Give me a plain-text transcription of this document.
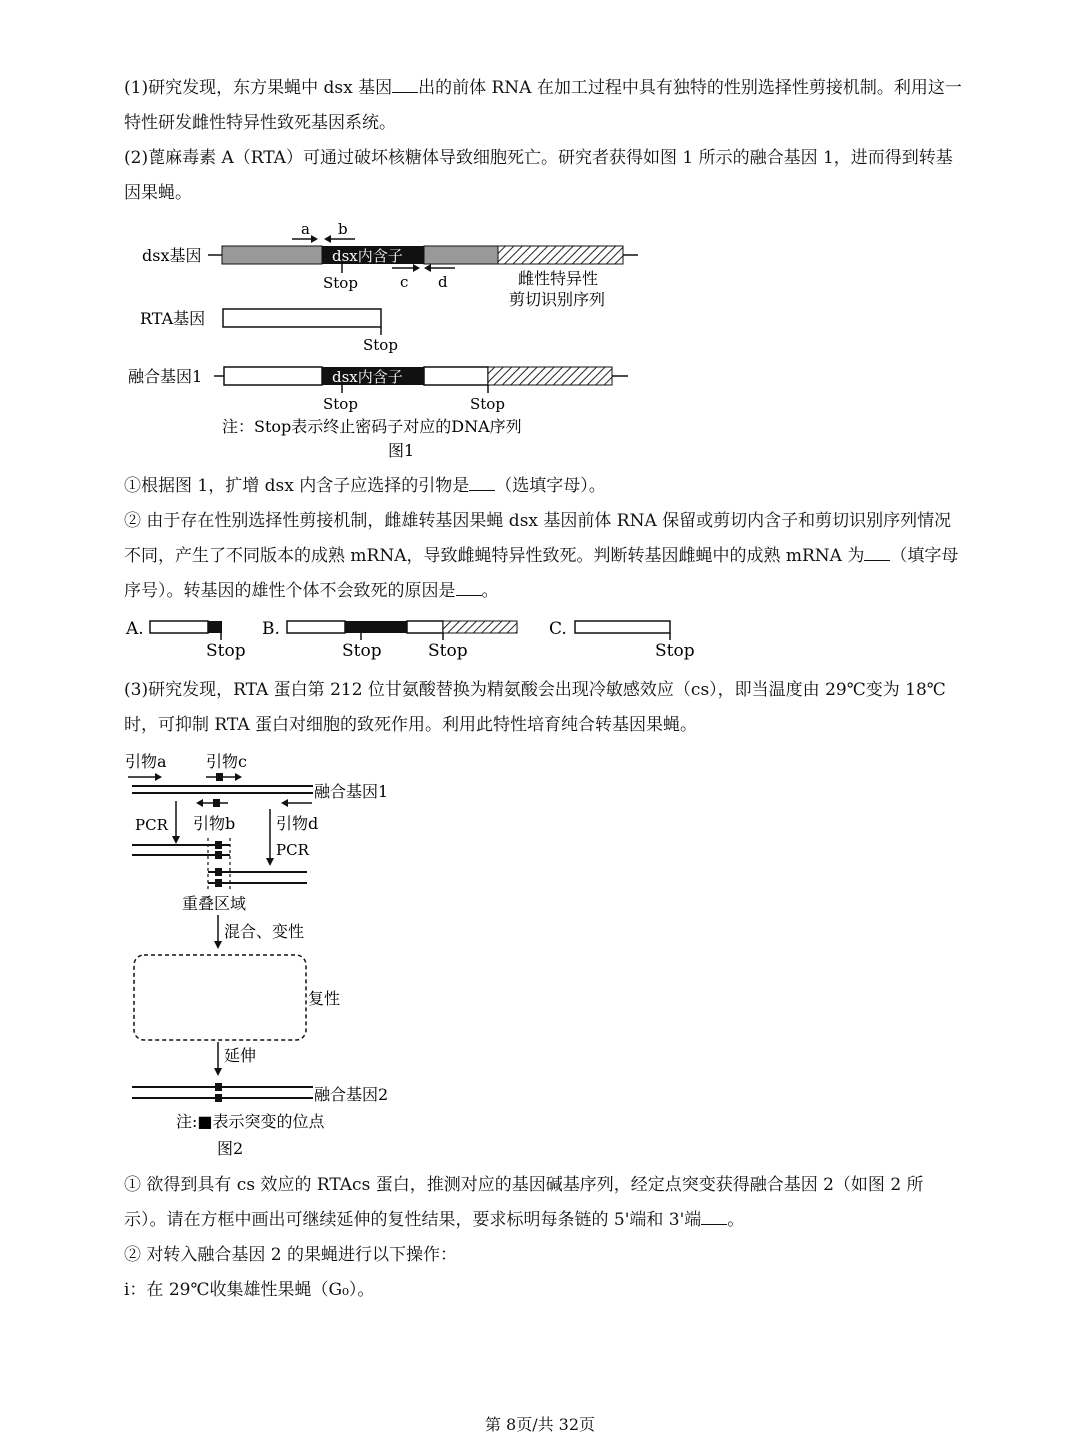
(1)研究发现，东方果蝇中 dsx 基因 出的前体 RNA 在加工过程中具有独特的性别选择性剪接机制。利用这一特性研发雌性特异性致死基因系统。

(2)蓖麻毒素 A（RTA）可通过破坏核糖体导致细胞死亡。研究者获得如图 1 所示的融合基因 1，进而得到转基因果蝇。

a b
dsx基因	dsx内含子
Stop	c d	雌性特异性
剪切识别序列
RTA基因
Stop
融合基因1	dsx内含子
Stop	Stop
注：Stop表示终止密码子对应的DNA序列
图1

①根据图 1，扩增 dsx 内含子应选择的引物是 （选填字母）。

② 由于存在性别选择性剪接机制，雌雄转基因果蝇 dsx 基因前体 RNA 保留或剪切内含子和剪切识别序列情况不同，产生了不同版本的成熟 mRNA，导致雌蝇特异性致死。判断转基因雌蝇中的成熟 mRNA 为 （填字母序号）。转基因的雄性个体不会致死的原因是 。

A.
Stop
B.
Stop	Stop
C.
Stop

(3)研究发现，RTA 蛋白第 212 位甘氨酸替换为精氨酸会出现冷敏感效应（cs），即当温度由 29℃变为 18℃时，可抑制 RTA 蛋白对细胞的致死作用。利用此特性培育纯合转基因果蝇。

引物a 引物c
融合基因1
PCR 引物b	引物d
PCR
重叠区域
混合、变性
复性
延伸
融合基因2
注:■表示突变的位点
图2

① 欲得到具有 cs 效应的 RTAcs 蛋白，推测对应的基因碱基序列，经定点突变获得融合基因 2（如图 2 所示）。请在方框中画出可继续延伸的复性结果，要求标明每条链的 5'端和 3'端 。

② 对转入融合基因 2 的果蝇进行以下操作：

i：在 29℃收集雄性果蝇（G₀）。

第 8页/共 32页
